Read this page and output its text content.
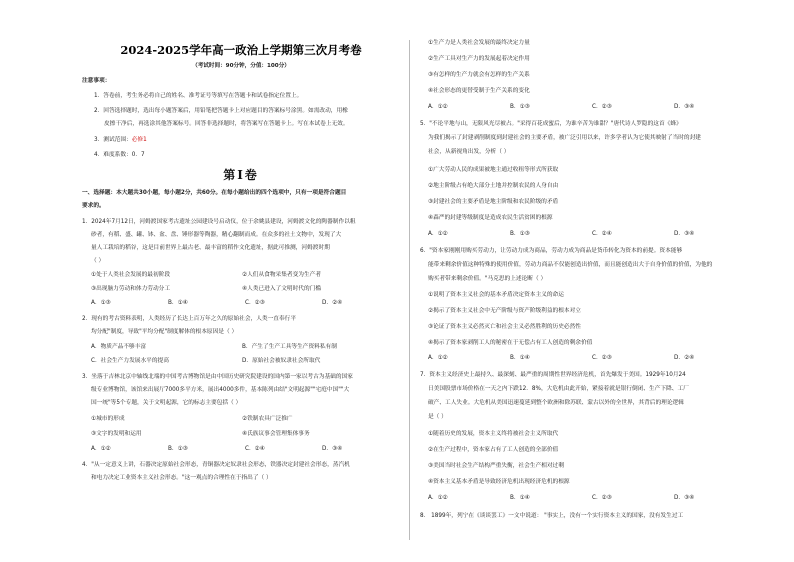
2024-2025学年高一政治上学期第三次月考卷
（考试时间：90分钟，分值：100分）
注意事项：
1．答卷前，考生务必将自己的姓名、准考证号等填写在答题卡和试卷指定位置上。
2．回答选择题时，选出每小题答案后，用铅笔把答题卡上对应题目的答案标号涂黑。如需改动，用橡
皮擦干净后，再选涂其他答案标号。回答非选择题时，将答案写在答题卡上。写在本试卷上无效。
3．测试范围：必修1
4．难度系数：0．7
第Ⅰ卷
一、选择题：本大题共30小题，每小题2分，共60分。在每小题给出的四个选项中，只有一项是符合题目
要求的。
1．2024年7月12日，河姆渡国家考古遗址公园建设号启动仪，位于余姚县建设，河姆渡文化的陶器制作以粗
砂者，有稻、盛、罐、钵、盆、盘、锤形器等陶器，精心翻制而成。在众多的社土文物中，发现了大
量人工栽培的稻谷，这是目前世界上最古老、最丰富的稻作文化遗址，据此可推测，河姆渡时期
（ ）
①处于人类社会发展的最初阶段	②人们从食物采集者变为生产者
③出现脑力劳动和体力劳动分工	④人类已进入了文明时代的门槛
A．①③	B．①④	C．②③	D．②④
2．现有的考古资料表明，人类经历了长达上百万年之久的原始社会，人类一直奉行平
均分配"制度，导致"平均分配"制度解体的根本原因是（ ）
A．物质产品不够丰富	B．产生了生产工具等生产资料私有制
C．社会生产力发展水平的提高	D．原始社会被奴隶社会所取代
3．坐落于吉林北京中轴线北端的中国考古博物馆是由中国历史研究院建设的国内第一家以考古为基础的国家
级专业博物馆，该馆来出展厅7000多平方米，展出4000多件，基本陈列由结"文明起源""宅庭中国""大
国一统"等5个专题，关于文明起源，它的标志主要包括（ ）
①城市的形成	②铁制农具广泛推广
③文字的发明和运用	④氏族议事会管理集体事务
A．①②	B．①③	C．②④	D．③④
4．"从一定意义上讲，石器决定原始社会形态，青铜器决定奴隶社会形态，铁器决定封建社会形态，蒸汽机
和电力决定工业资本主义社会形态。"这一观点的合理性在于指出了（ ）
①生产力是人类社会发展的最终决定力量
②生产工具对生产力的发展起着决定作用
③有怎样的生产力就会有怎样的生产关系
④社会形态的更替受制于生产关系的变化
A．①②	B．①③	C．②③	D．③④
5．"不论平地与山，无限风光尽被占。"采得百花成蜜后，为谁辛苦为谁甜？"唐代诗人罗隐的这首《蜂》
为我们揭示了封建剥削制度到封建社会的主要矛盾，被广泛引用以来，许多学者认为它使其映射了当时的封建
社会，从新视角出发，分析（ ）
①广大劳动人民的成果被地主通过收租等形式所获取
②地主阶级占有绝大部分土地并控制农民的人身自由
③封建社会的主要矛盾是地主阶级和农民阶级的矛盾
④森严的封建等级制度是造成农民生活贫困的根源
A．①②	B．①③	C．②④	D．③④
6．"资本家刚刚用购买劳动力，让劳动力成为商品，劳动力成为商品是货币转化为资本的前提。资本能够
能带来剩余价值这种特殊的使用价值，劳动力商品不仅能创造出价值，而且能创造出大于自身价值的价值，为他的
购买者带来剩余价值。"马克思的上述论断（ ）
①说明了资本主义社会的基本矛盾决定资本主义的命运
②揭示了资本主义社会中无产阶级与资产阶级利益的根本对立
③论证了资本主义必然灭亡和社会主义必然胜利的历史必然性
④揭示了资本家剥削工人的秘密在于无偿占有工人创造的剩余价值
A．①②	B．①④	C．②③	D．②④
7．资本主义经济史上最持久、最深刻、最严重的周期性世界经济危机，首先爆发于美国。1929年10月24
日美国股票市场价格在一天之内下跌12．8%，大危机由此开始，紧接着就是银行倒闭、生产下降、工厂
破产、工人失业。大危机从美国迅速蔓延到整个欧洲和除苏联、蒙古以外的全世界，其背后的理论逻辑
是（ ）
①随着历史的发展，资本主义终将被社会主义所取代
②在生产过程中，资本家占有了工人创造的全部价值
③美国当时社会生产结构严重失衡，社会生产相对过剩
④资本主义基本矛盾是导致经济危机出现经济危机的根源
A．①②	B．①④	C．②③	D．③④
8． 1899年，列宁在《谈谈罢工》一文中说道： "事实上，没有一个实行资本主义的国家，没有发生过工
